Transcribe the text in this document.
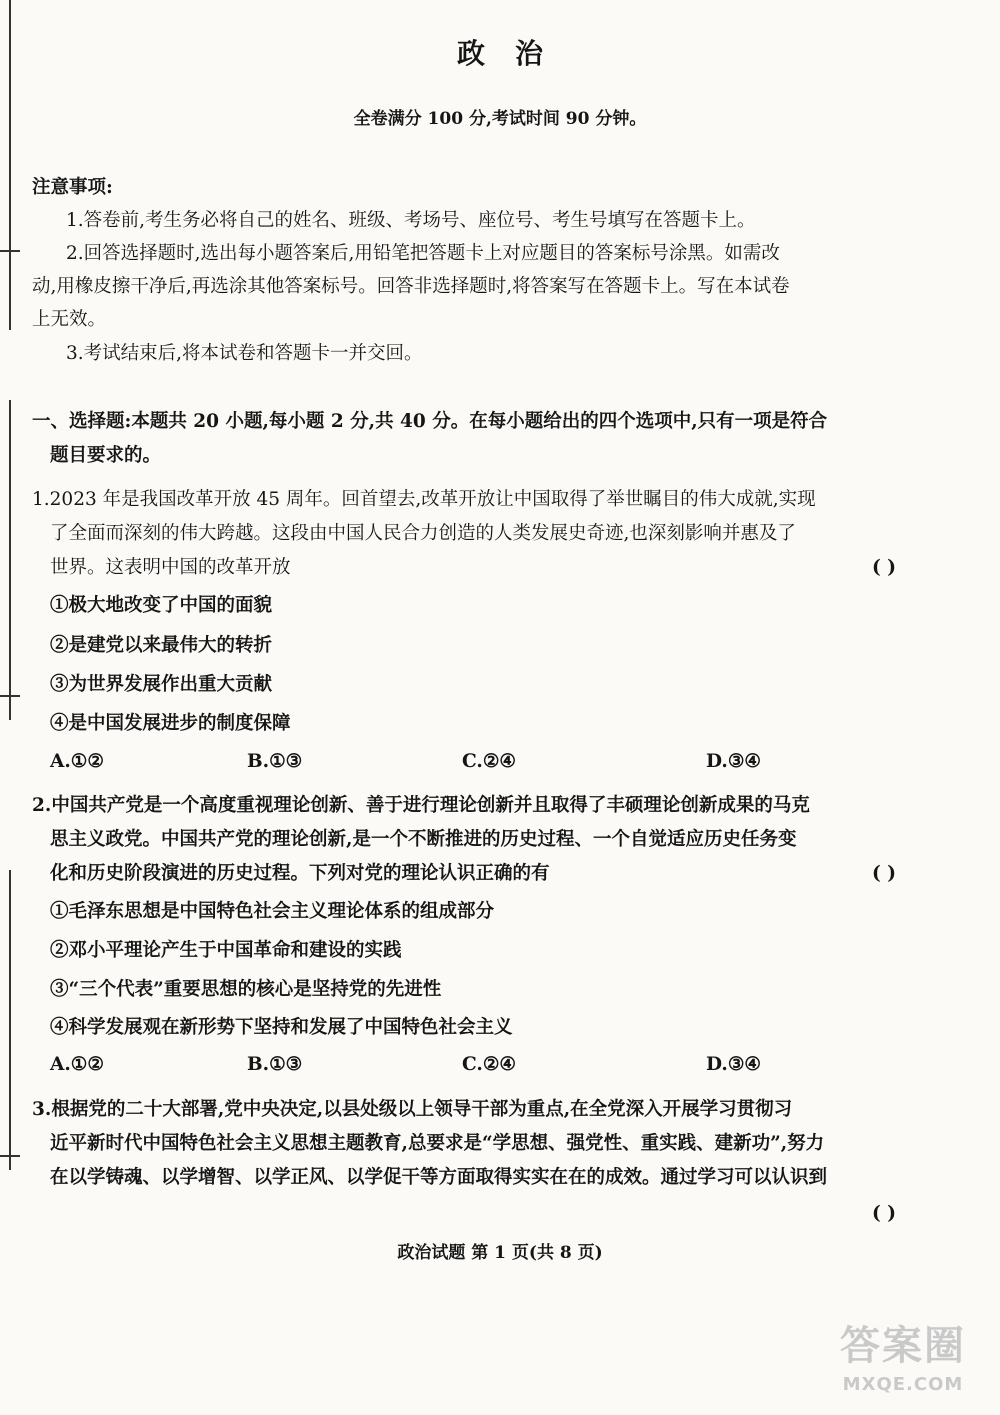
政治
全卷满分 100 分,考试时间 90 分钟。
注意事项:
1.答卷前,考生务必将自己的姓名、班级、考场号、座位号、考生号填写在答题卡上。
2.回答选择题时,选出每小题答案后,用铅笔把答题卡上对应题目的答案标号涂黑。如需改
动,用橡皮擦干净后,再选涂其他答案标号。回答非选择题时,将答案写在答题卡上。写在本试卷
上无效。
3.考试结束后,将本试卷和答题卡一并交回。
一、选择题:本题共 20 小题,每小题 2 分,共 40 分。在每小题给出的四个选项中,只有一项是符合
题目要求的。
1.2023 年是我国改革开放 45 周年。回首望去,改革开放让中国取得了举世瞩目的伟大成就,实现
了全面而深刻的伟大跨越。这段由中国人民合力创造的人类发展史奇迹,也深刻影响并惠及了
世界。这表明中国的改革开放	( )
①极大地改变了中国的面貌
②是建党以来最伟大的转折
③为世界发展作出重大贡献
④是中国发展进步的制度保障
A.①②	B.①③	C.②④	D.③④
2.中国共产党是一个高度重视理论创新、善于进行理论创新并且取得了丰硕理论创新成果的马克
思主义政党。中国共产党的理论创新,是一个不断推进的历史过程、一个自觉适应历史任务变
化和历史阶段演进的历史过程。下列对党的理论认识正确的有	( )
①毛泽东思想是中国特色社会主义理论体系的组成部分
②邓小平理论产生于中国革命和建设的实践
③“三个代表”重要思想的核心是坚持党的先进性
④科学发展观在新形势下坚持和发展了中国特色社会主义
A.①②	B.①③	C.②④	D.③④
3.根据党的二十大部署,党中央决定,以县处级以上领导干部为重点,在全党深入开展学习贯彻习
近平新时代中国特色社会主义思想主题教育,总要求是“学思想、强党性、重实践、建新功”,努力
在以学铸魂、以学增智、以学正风、以学促干等方面取得实实在在的成效。通过学习可以认识到
( )
政治试题 第 1 页(共 8 页)
答案圈
MXQE.COM
